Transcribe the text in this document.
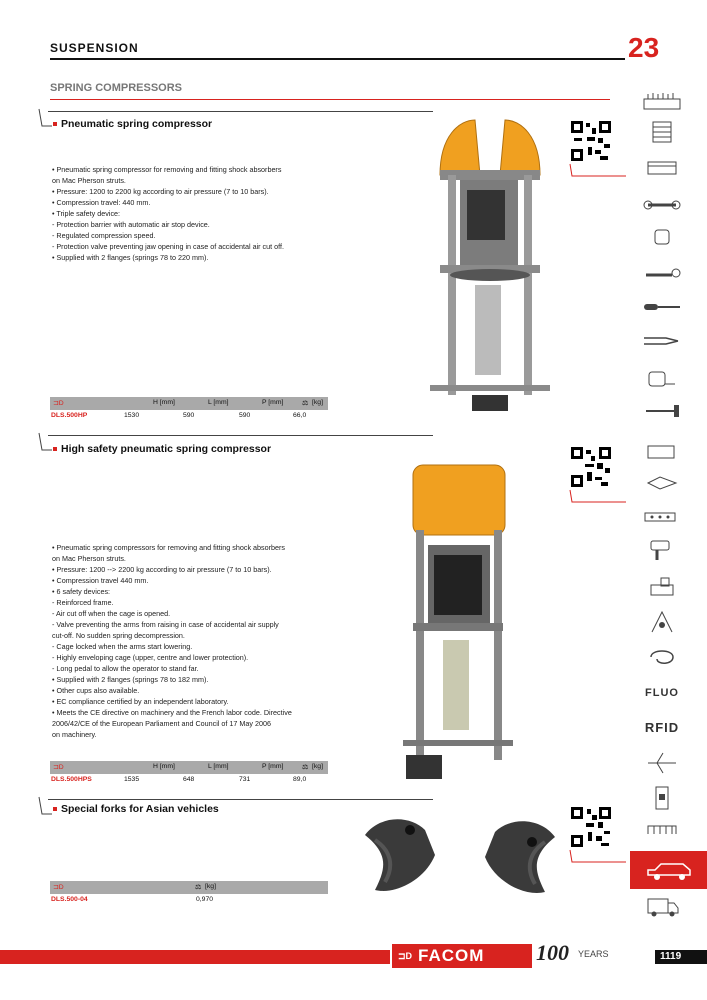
SUSPENSION	23
SPRING COMPRESSORS
Pneumatic spring compressor
• Pneumatic spring compressor for removing and fitting shock absorbers
on Mac Pherson struts.
• Pressure: 1200 to 2200 kg according to air pressure (7 to 10 bars).
• Compression travel: 440 mm.
• Triple safety device:
- Protection barrier with automatic air stop device.
- Regulated compression speed.
- Protection valve preventing jaw opening in case of accidental air cut off.
• Supplied with 2 flanges (springs 78 to 220 mm).
⊐D	H [mm]	L [mm]	P [mm]	⚖ [kg]
DLS.500HP	1530	590	590	66,0
High safety pneumatic spring compressor
• Pneumatic spring compressors for removing and fitting shock absorbers
on Mac Pherson struts.
• Pressure: 1200 --> 2200 kg according to air pressure (7 to 10 bars).
• Compression travel 440 mm.
• 6 safety devices:
- Reinforced frame.
- Air cut off when the cage is opened.
- Valve preventing the arms from raising in case of accidental air supply
cut-off. No sudden spring decompression.
- Cage locked when the arms start lowering.
- Highly enveloping cage (upper, centre and lower protection).
- Long pedal to allow the operator to stand far.
• Supplied with 2 flanges (springs 78 to 182 mm).
• Other cups also available.
• EC compliance certified by an independent laboratory.
• Meets the CE directive on machinery and the French labor code. Directive
2006/42/CE of the European Parliament and Council of 17 May 2006
on machinery.
⊐D	H [mm]	L [mm]	P [mm]	⚖ [kg]
DLS.500HPS	1535	648	731	89,0
Special forks for Asian vehicles
⊐D	⚖ [kg]
DLS.500-04	0,970
FLUO
RFID
⊐D FACOM 100 YEARS	1119
